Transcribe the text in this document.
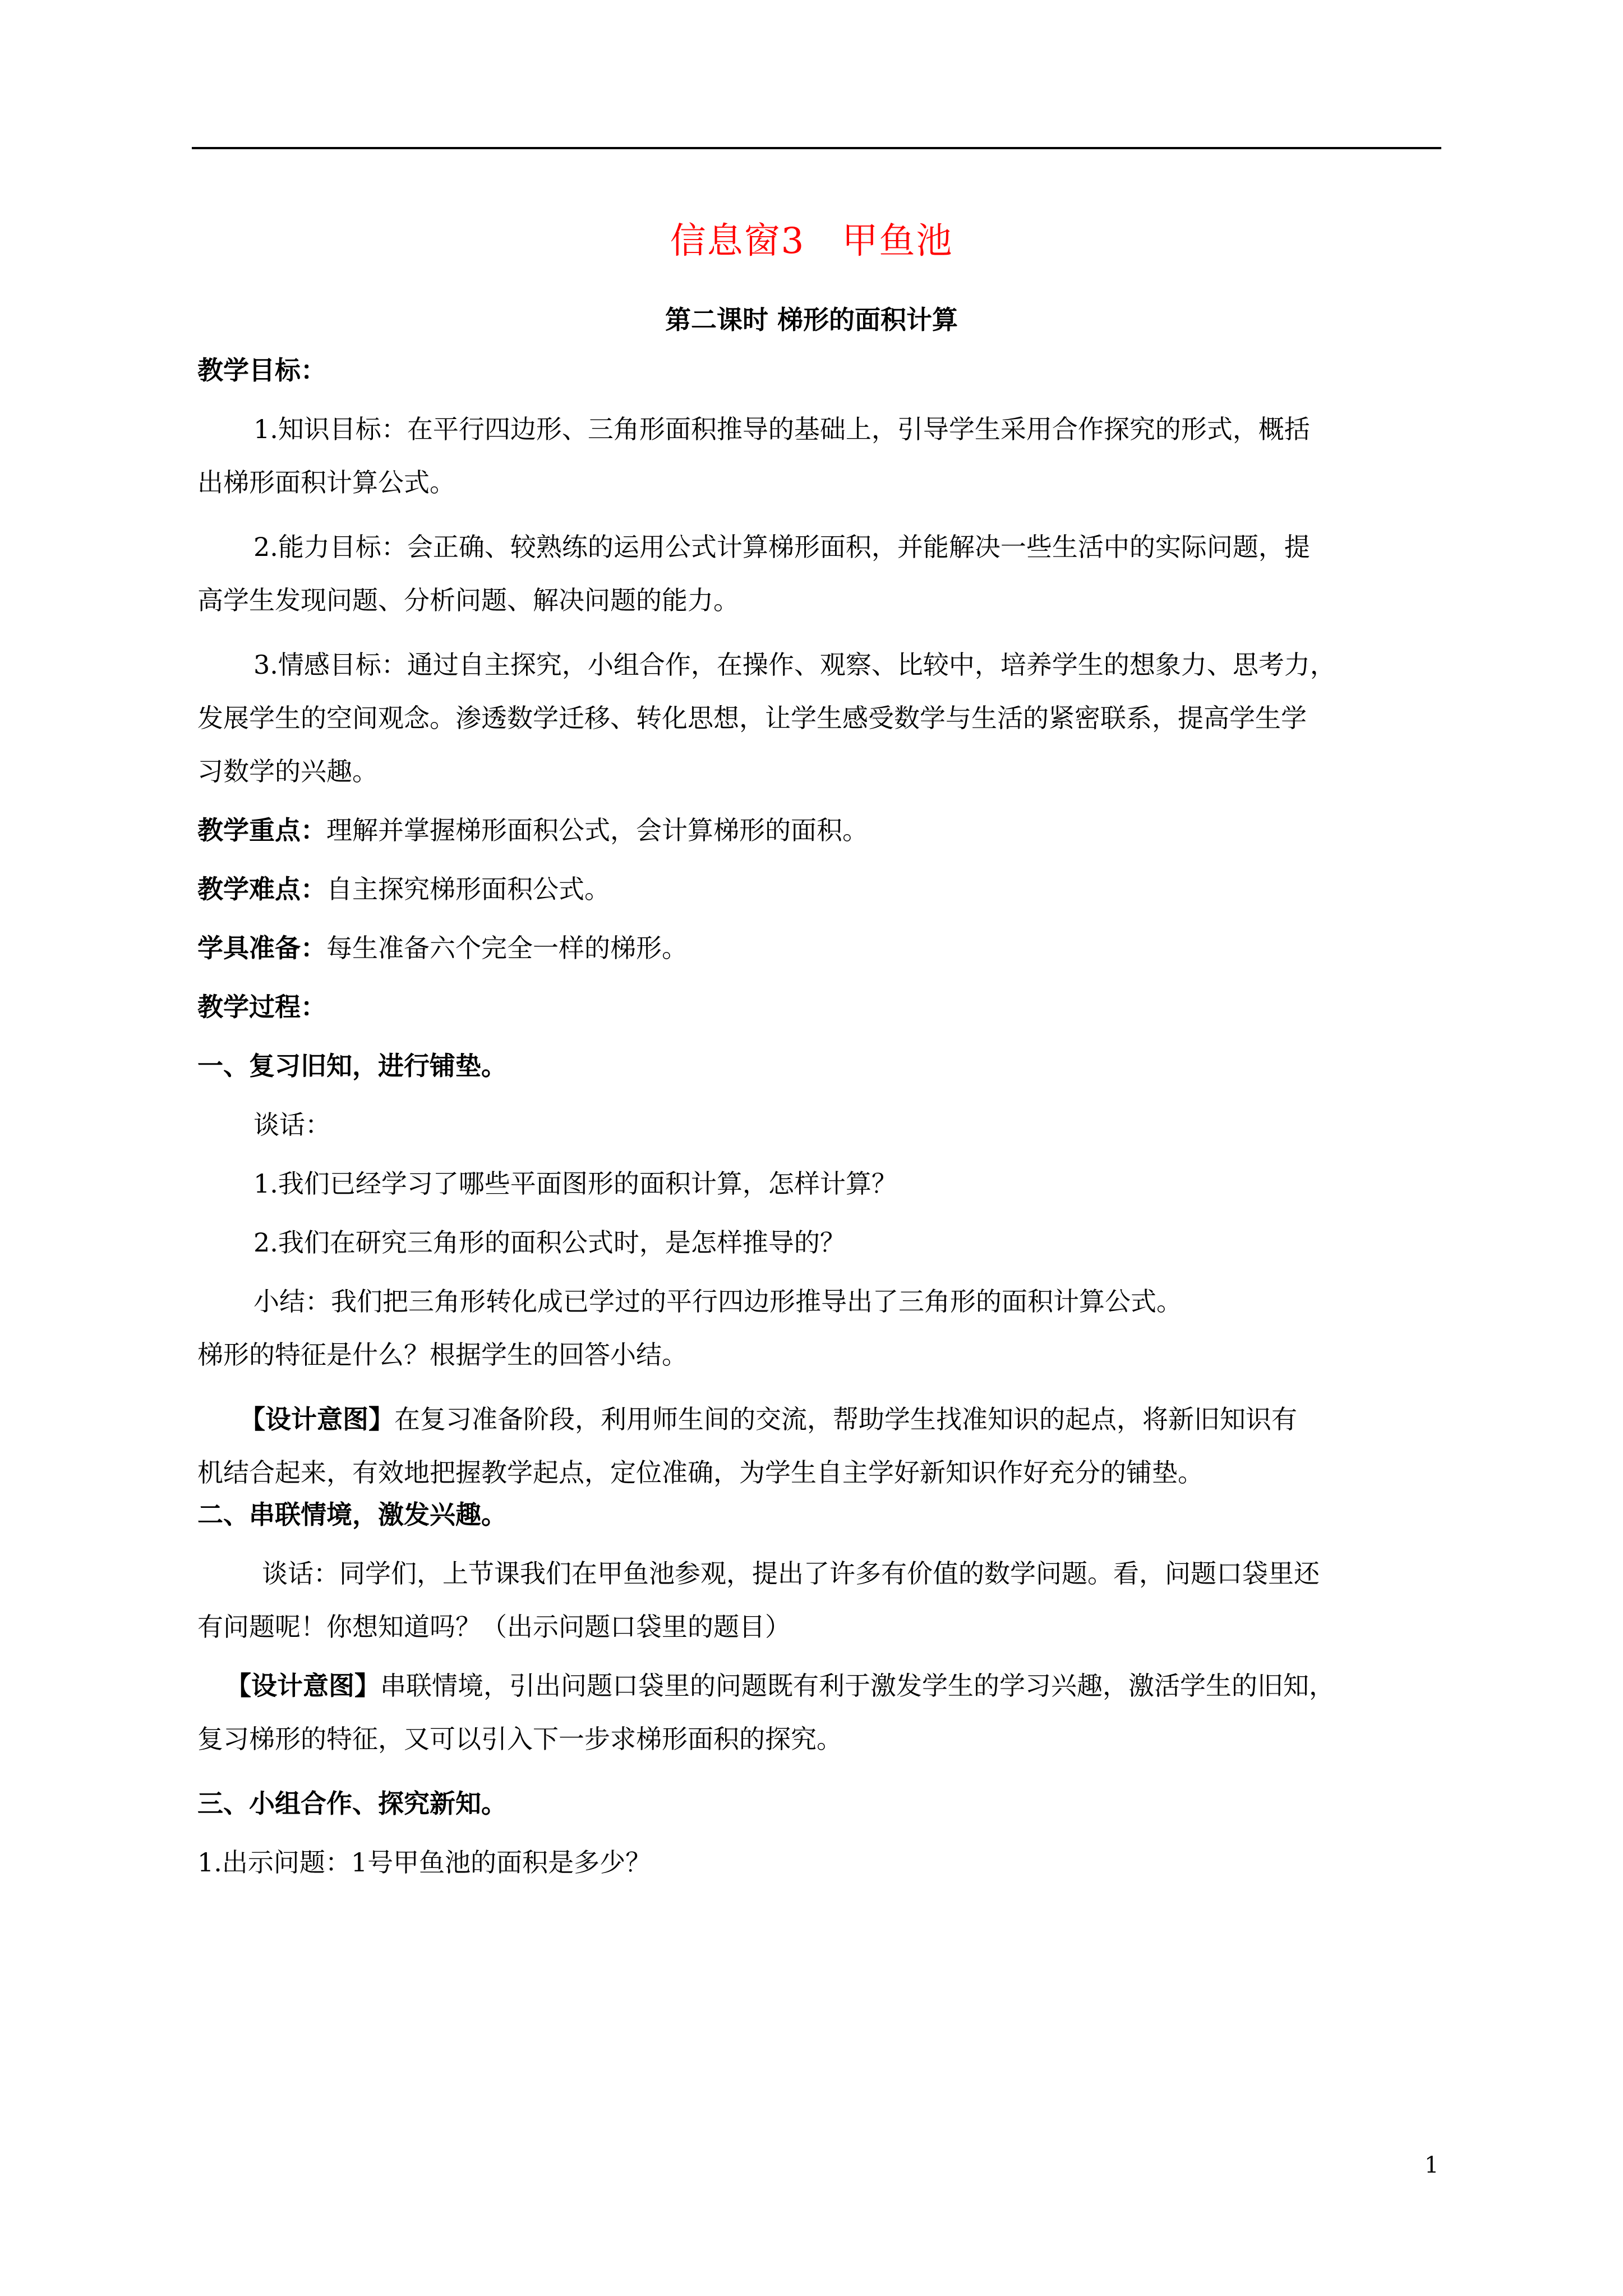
信息窗3　甲鱼池
第二课时 梯形的面积计算
教学目标：
1.知识目标：在平行四边形、三角形面积推导的基础上，引导学生采用合作探究的形式，概括
出梯形面积计算公式。
2.能力目标：会正确、较熟练的运用公式计算梯形面积，并能解决一些生活中的实际问题，提
高学生发现问题、分析问题、解决问题的能力。
3.情感目标：通过自主探究，小组合作，在操作、观察、比较中，培养学生的想象力、思考力，
发展学生的空间观念。渗透数学迁移、转化思想，让学生感受数学与生活的紧密联系，提高学生学
习数学的兴趣。
教学重点：理解并掌握梯形面积公式，会计算梯形的面积。
教学难点：自主探究梯形面积公式。
学具准备：每生准备六个完全一样的梯形。
教学过程：
一、复习旧知，进行铺垫。
谈话：
1.我们已经学习了哪些平面图形的面积计算，怎样计算？
2.我们在研究三角形的面积公式时，是怎样推导的？
小结：我们把三角形转化成已学过的平行四边形推导出了三角形的面积计算公式。
梯形的特征是什么？根据学生的回答小结。
【设计意图】在复习准备阶段，利用师生间的交流，帮助学生找准知识的起点，将新旧知识有
机结合起来，有效地把握教学起点，定位准确，为学生自主学好新知识作好充分的铺垫。
二、串联情境，激发兴趣。
谈话：同学们，上节课我们在甲鱼池参观，提出了许多有价值的数学问题。看，问题口袋里还
有问题呢！你想知道吗？（出示问题口袋里的题目）
【设计意图】串联情境，引出问题口袋里的问题既有利于激发学生的学习兴趣，激活学生的旧知，
复习梯形的特征，又可以引入下一步求梯形面积的探究。
三、小组合作、探究新知。
1.出示问题：1号甲鱼池的面积是多少？
1
